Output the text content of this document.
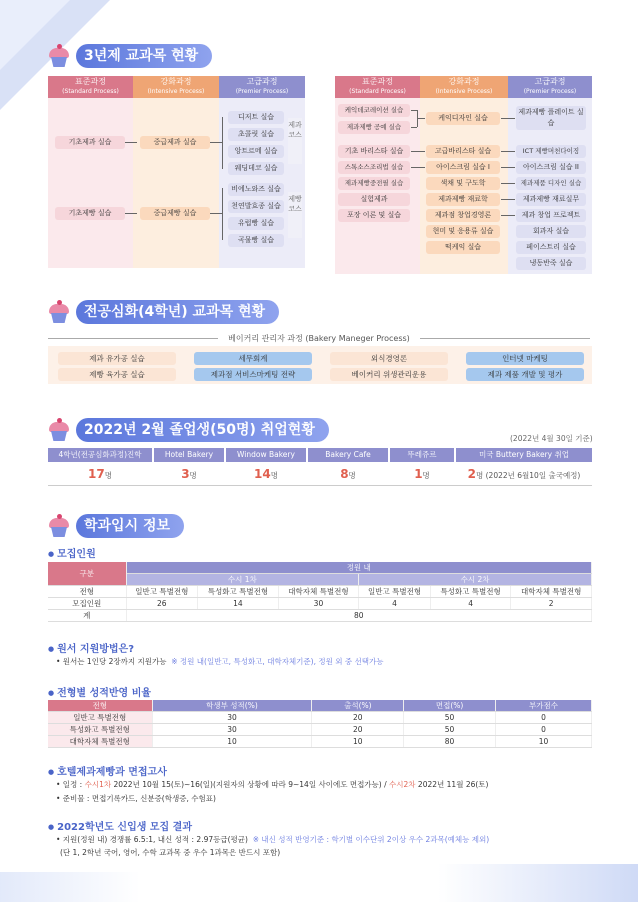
3년제 교과목 현황
표준과정
(Standard Process)
강화과정
(Intensive Process)
고급과정
(Premier Process)
기초제과 실습
기초제빵 실습
중급제과 실습
중급제빵 실습
디저트 실습
초콜릿 실습
앙트르메 실습
웨딩데코 실습
비에노와즈 실습
천연발효종 실습
유럽빵 실습
곡물빵 실습
제과코스
제빵코스
표준과정
(Standard Process)
강화과정
(Intensive Process)
고급과정
(Premier Process)
케익데코레이션 실습
제과제빵 공예 실습
기초 바리스타 실습
스톡소스조리법 실습
제과제빵중전필 실습
실험제과
포장 이론 및 실습
케익디자인 실습
고급바리스타 실습
아이스크림 실습 I
색채 및 구도학
제과제빵 재료학
제과점 창업경영론
현미 및 응용류 실습
떡케익 실습
제과제빵 플레이트 실습
ICT 제빵머천다이징
아이스크림 실습 II
제과제품 디자인 실습
제과제빵 재료실무
제과 창업 프로젝트
회과자 실습
페이스트리 실습
냉동반죽 실습
전공심화(4학년) 교과목 현황
베이커리 관리자 과정 (Bakery Maneger Process)
제과 유가공 실습
제빵 육가공 실습
세무회계
제과점 서비스마케팅 전략
외식경영론
베이커리 위생관리운용
인터넷 마케팅
제과 제품 개발 및 평가
2022년 2월 졸업생(50명) 취업현황
(2022년 4월 30일 기준)
4학년(전공심화과정)진학	Hotel Bakery	Window Bakery	Bakery Cafe	뚜레쥬르	미국 Buttery Bakery 취업
17명	3명	14명	8명	1명	2명 (2022년 6월10일 출국예정)
학과입시 정보
● 모집인원
구분	정원 내					
	수시 1차			수시 2차		
전형	일반고 특별전형	특성화고 특별전형	대학자체 특별전형	일반고 특별전형	특성화고 특별전형	대학자체 특별전형
모집인원	26	14	30	4	4	2
계	80					
● 원서 지원방법은?
• 원서는 1인당 2장까지 지원가능 ※ 정원 내(일반고, 특성화고, 대학자체기준), 정원 외 중 선택가능
● 전형별 성적반영 비율
전형	학생부 성적(%)	출석(%)	면접(%)	부가점수
일반고 특별전형	30	20	50	0
특성화고 특별전형	30	20	50	0
대학자체 특별전형	10	10	80	10
● 호텔제과제빵과 면접고사
• 일정 : 수시1차 2022년 10월 15(토)~16(일)(지원자의 상황에 따라 9~14일 사이에도 면접가능) / 수시2차 2022년 11월 26(토)
• 준비물 : 면접기록카드, 신분증(학생증, 수험표)
● 2022학년도 신입생 모집 결과
• 지원(정원 내) 경쟁률 6.5:1, 내신 성적 : 2.97등급(평균) ※ 내신 성적 반영기준 : 학기별 이수단위 2이상 우수 2과목(예체능 제외)
(단 1, 2학년 국어, 영어, 수학 교과목 중 우수 1과목은 반드시 포함)
